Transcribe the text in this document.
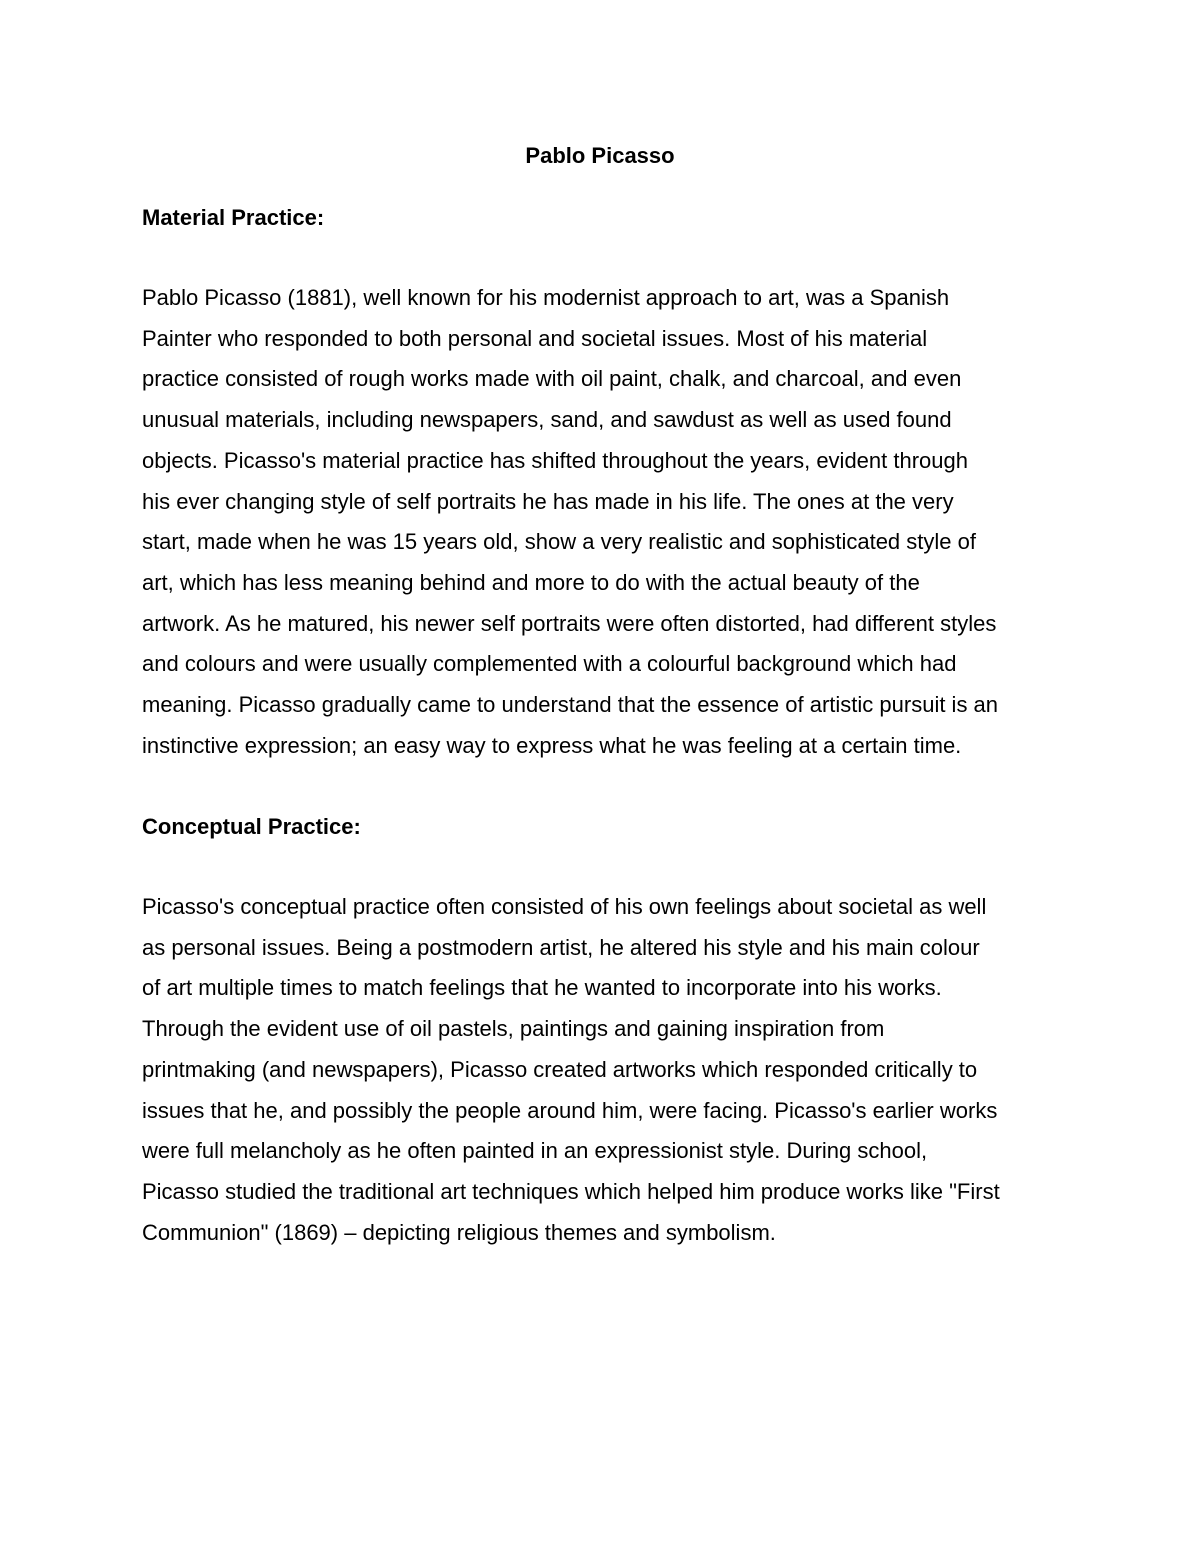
Pablo Picasso
Material Practice:

Pablo Picasso (1881), well known for his modernist approach to art, was a Spanish
Painter who responded to both personal and societal issues. Most of his material
practice consisted of rough works made with oil paint, chalk, and charcoal, and even
unusual materials, including newspapers, sand, and sawdust as well as used found
objects. Picasso's material practice has shifted throughout the years, evident through
his ever changing style of self portraits he has made in his life. The ones at the very
start, made when he was 15 years old, show a very realistic and sophisticated style of
art, which has less meaning behind and more to do with the actual beauty of the
artwork. As he matured, his newer self portraits were often distorted, had different styles
and colours and were usually complemented with a colourful background which had
meaning. Picasso gradually came to understand that the essence of artistic pursuit is an
instinctive expression; an easy way to express what he was feeling at a certain time.

Conceptual Practice:

Picasso's conceptual practice often consisted of his own feelings about societal as well
as personal issues. Being a postmodern artist, he altered his style and his main colour
of art multiple times to match feelings that he wanted to incorporate into his works.
Through the evident use of oil pastels, paintings and gaining inspiration from
printmaking (and newspapers), Picasso created artworks which responded critically to
issues that he, and possibly the people around him, were facing. Picasso's earlier works
were full melancholy as he often painted in an expressionist style. During school,
Picasso studied the traditional art techniques which helped him produce works like "First
Communion" (1869) – depicting religious themes and symbolism.
